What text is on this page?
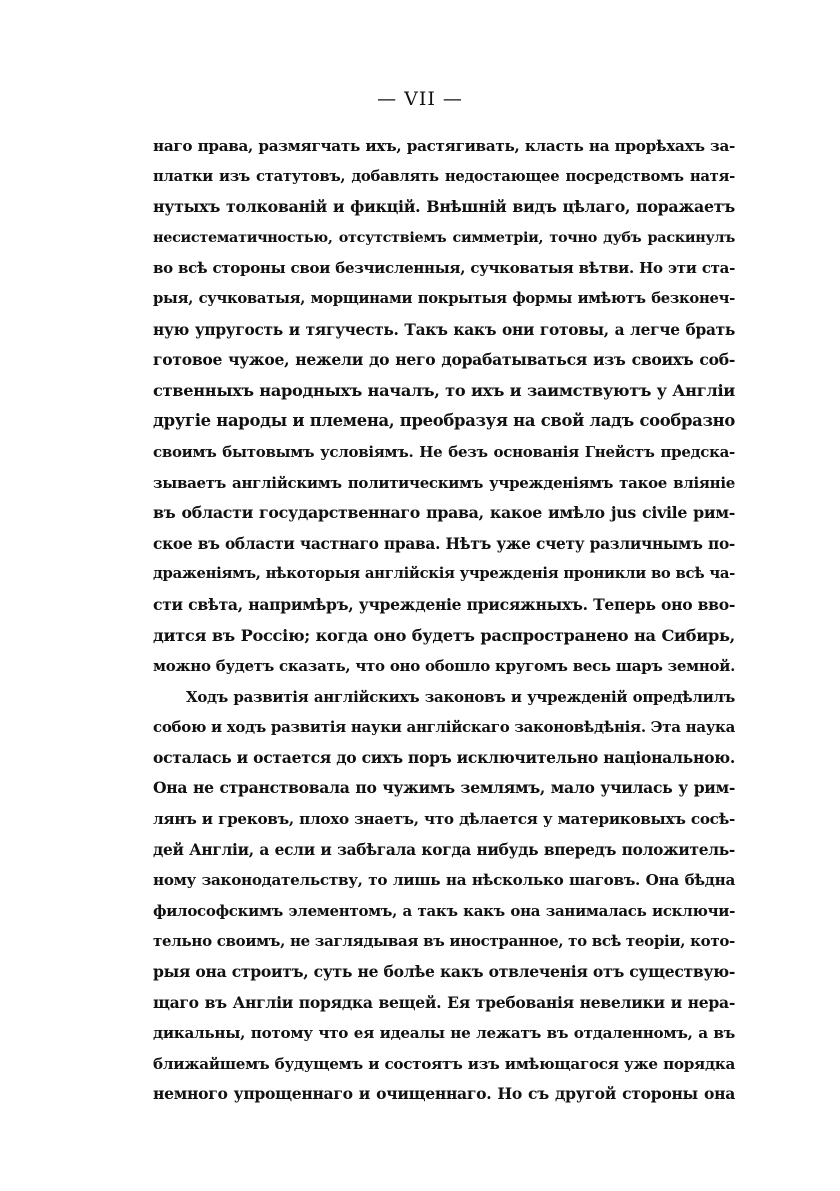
— VII —
наго права, размягчать ихъ, растягивать, класть на прорѣхахъ за-
платки изъ статутовъ, добавлять недостающее посредствомъ натя-
нутыхъ толкованій и фикцій. Внѣшній видъ цѣлаго, поражаетъ
несистематичностью, отсутствіемъ симметріи, точно дубъ раскинулъ
во всѣ стороны свои безчисленныя, сучковатыя вѣтви. Но эти ста-
рыя, сучковатыя, морщинами покрытыя формы имѣютъ безконеч-
ную упругость и тягучесть. Такъ какъ они готовы, а легче брать
готовое чужое, нежели до него дорабатываться изъ своихъ соб-
ственныхъ народныхъ началъ, то ихъ и заимствуютъ у Англіи
другіе народы и племена, преобразуя на свой ладъ сообразно
своимъ бытовымъ условіямъ. Не безъ основанія Гнейстъ предска-
зываетъ англійскимъ политическимъ учрежденіямъ такое вліяніе
въ области государственнаго права, какое имѣло jus civile рим-
ское въ области частнаго права. Нѣтъ уже счету различнымъ по-
драженіямъ, нѣкоторыя англійскія учрежденія проникли во всѣ ча-
сти свѣта, напримѣръ, учрежденіе присяжныхъ. Теперь оно вво-
дится въ Россію; когда оно будетъ распространено на Сибирь,
можно будетъ сказать, что оно обошло кругомъ весь шаръ земной.
Ходъ развитія англійскихъ законовъ и учрежденій опредѣлилъ
собою и ходъ развитія науки англійскаго законовѣдѣнія. Эта наука
осталась и остается до сихъ поръ исключительно національною.
Она не странствовала по чужимъ землямъ, мало училась у рим-
лянъ и грековъ, плохо знаетъ, что дѣлается у материковыхъ сосѣ-
дей Англіи, а если и забѣгала когда нибудь впередъ положитель-
ному законодательству, то лишь на нѣсколько шаговъ. Она бѣдна
философскимъ элементомъ, а такъ какъ она занималась исключи-
тельно своимъ, не заглядывая въ иностранное, то всѣ теоріи, кото-
рыя она строитъ, суть не болѣе какъ отвлеченія отъ существую-
щаго въ Англіи порядка вещей. Ея требованія невелики и нера-
дикальны, потому что ея идеалы не лежатъ въ отдаленномъ, а въ
ближайшемъ будущемъ и состоятъ изъ имѣющагося уже порядка
немного упрощеннаго и очищеннаго. Но съ другой стороны она
